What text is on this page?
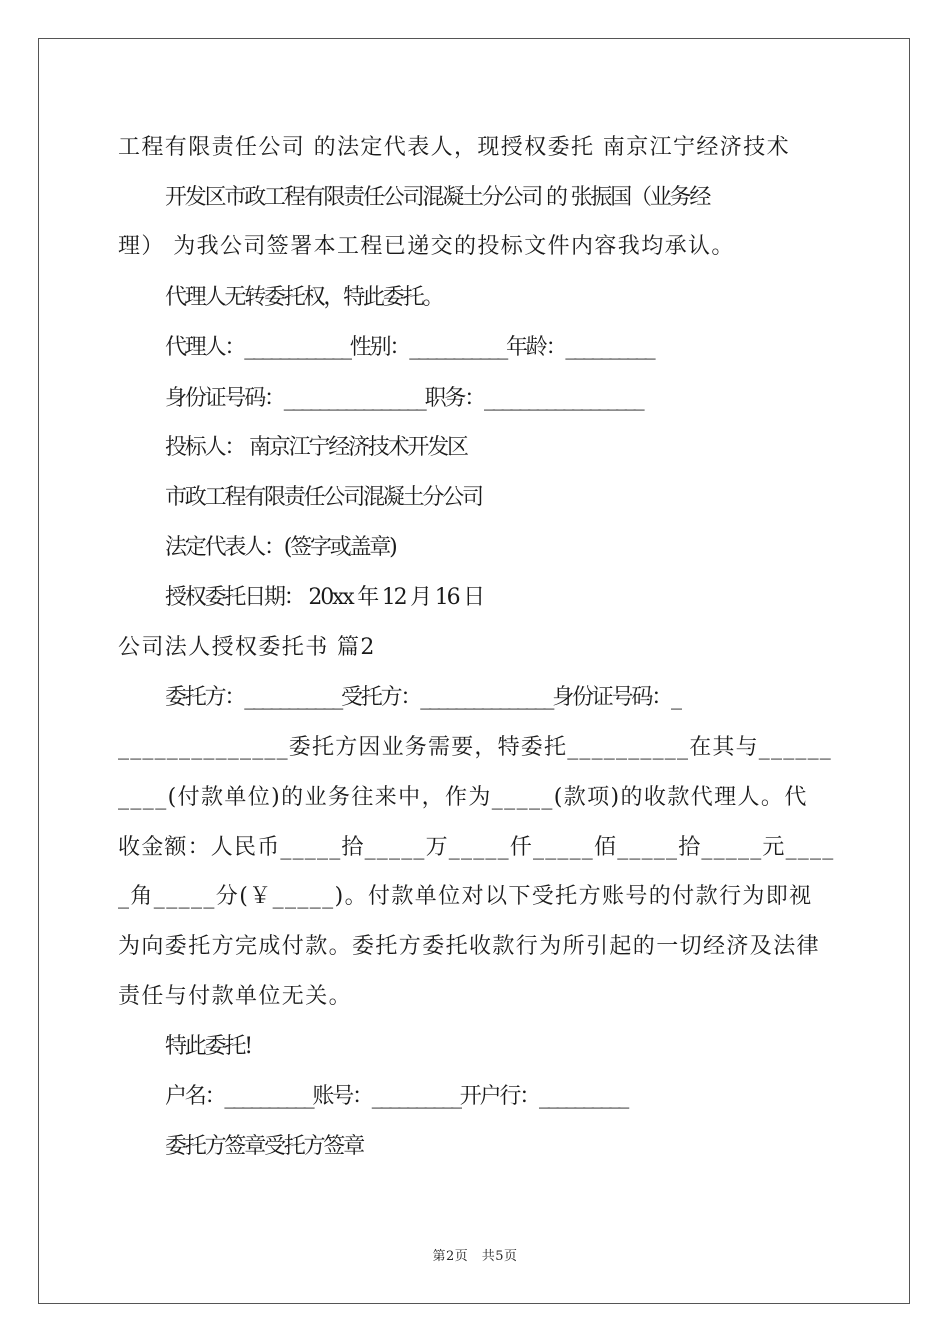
工程有限责任公司 的法定代表人，现授权委托 南京江宁经济技术
开发区市政工程有限责任公司混凝土分公司 的 张振国（业务经
理） 为我公司签署本工程已递交的投标文件内容我均承认。
代理人无转委托权，特此委托。
代理人：____________性别：___________年龄：__________
身份证号码：________________职务：__________________
投标人： 南京江宁经济技术开发区
市政工程有限责任公司混凝土分公司
法定代表人：(签字或盖章)
授权委托日期： 20xx 年 12 月 16 日
公司法人授权委托书 篇2
委托方：___________受托方：_______________身份证号码：_
______________委托方因业务需要，特委托__________在其与______
____(付款单位)的业务往来中，作为_____(款项)的收款代理人。代
收金额：人民币_____拾_____万_____仟_____佰_____拾_____元____
_角_____分(￥_____)。付款单位对以下受托方账号的付款行为即视
为向委托方完成付款。委托方委托收款行为所引起的一切经济及法律
责任与付款单位无关。
特此委托!
户名：__________账号：__________开户行：__________
委托方签章受托方签章
第2页　共5页
